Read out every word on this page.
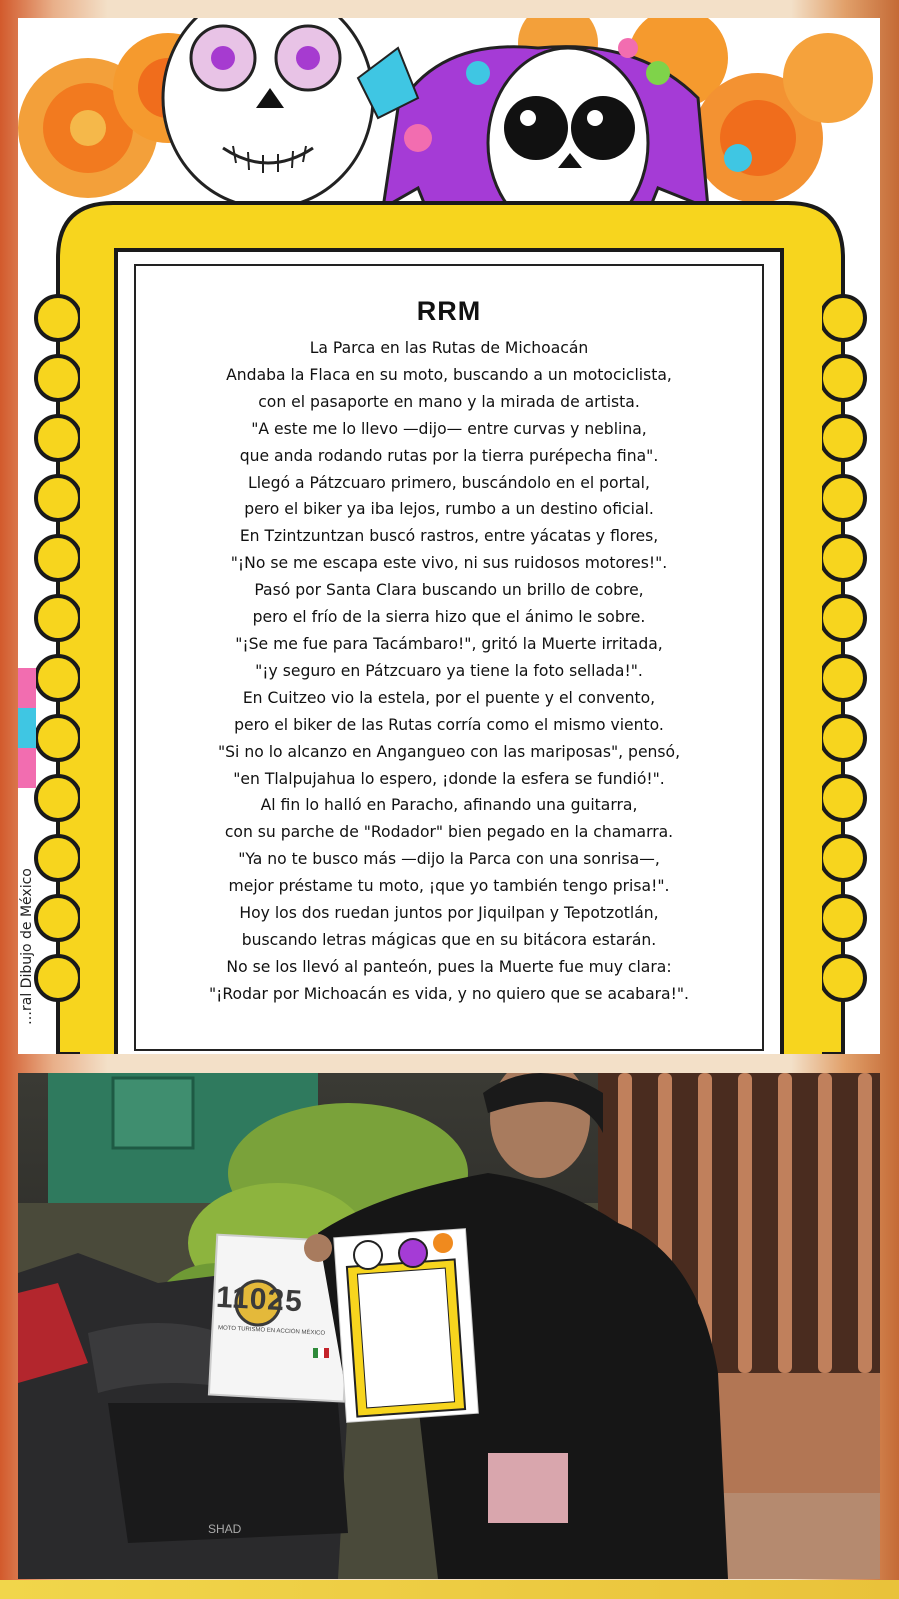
RRM
La Parca en las Rutas de Michoacán
Andaba la Flaca en su moto, buscando a un motociclista,
con el pasaporte en mano y la mirada de artista.
"A este me lo llevo —dijo— entre curvas y neblina,
que anda rodando rutas por la tierra purépecha fina".
Llegó a Pátzcuaro primero, buscándolo en el portal,
pero el biker ya iba lejos, rumbo a un destino oficial.
En Tzintzuntzan buscó rastros, entre yácatas y flores,
"¡No se me escapa este vivo, ni sus ruidosos motores!".
Pasó por Santa Clara buscando un brillo de cobre,
pero el frío de la sierra hizo que el ánimo le sobre.
"¡Se me fue para Tacámbaro!", gritó la Muerte irritada,
"¡y seguro en Pátzcuaro ya tiene la foto sellada!".
En Cuitzeo vio la estela, por el puente y el convento,
pero el biker de las Rutas corría como el mismo viento.
"Si no lo alcanzo en Angangueo con las mariposas", pensó,
"en Tlalpujahua lo espero, ¡donde la esfera se fundió!".
Al fin lo halló en Paracho, afinando una guitarra,
con su parche de "Rodador" bien pegado en la chamarra.
"Ya no te busco más —dijo la Parca con una sonrisa—,
mejor préstame tu moto, ¡que yo también tengo prisa!".
Hoy los dos ruedan juntos por Jiquilpan y Tepotzotlán,
buscando letras mágicas que en su bitácora estarán.
No se los llevó al panteón, pues la Muerte fue muy clara:
"¡Rodar por Michoacán es vida, y no quiero que se acabara!".
…ral Dibujo de México
SHAD
11025
MOTO TURISMO EN ACCIÓN MÉXICO
